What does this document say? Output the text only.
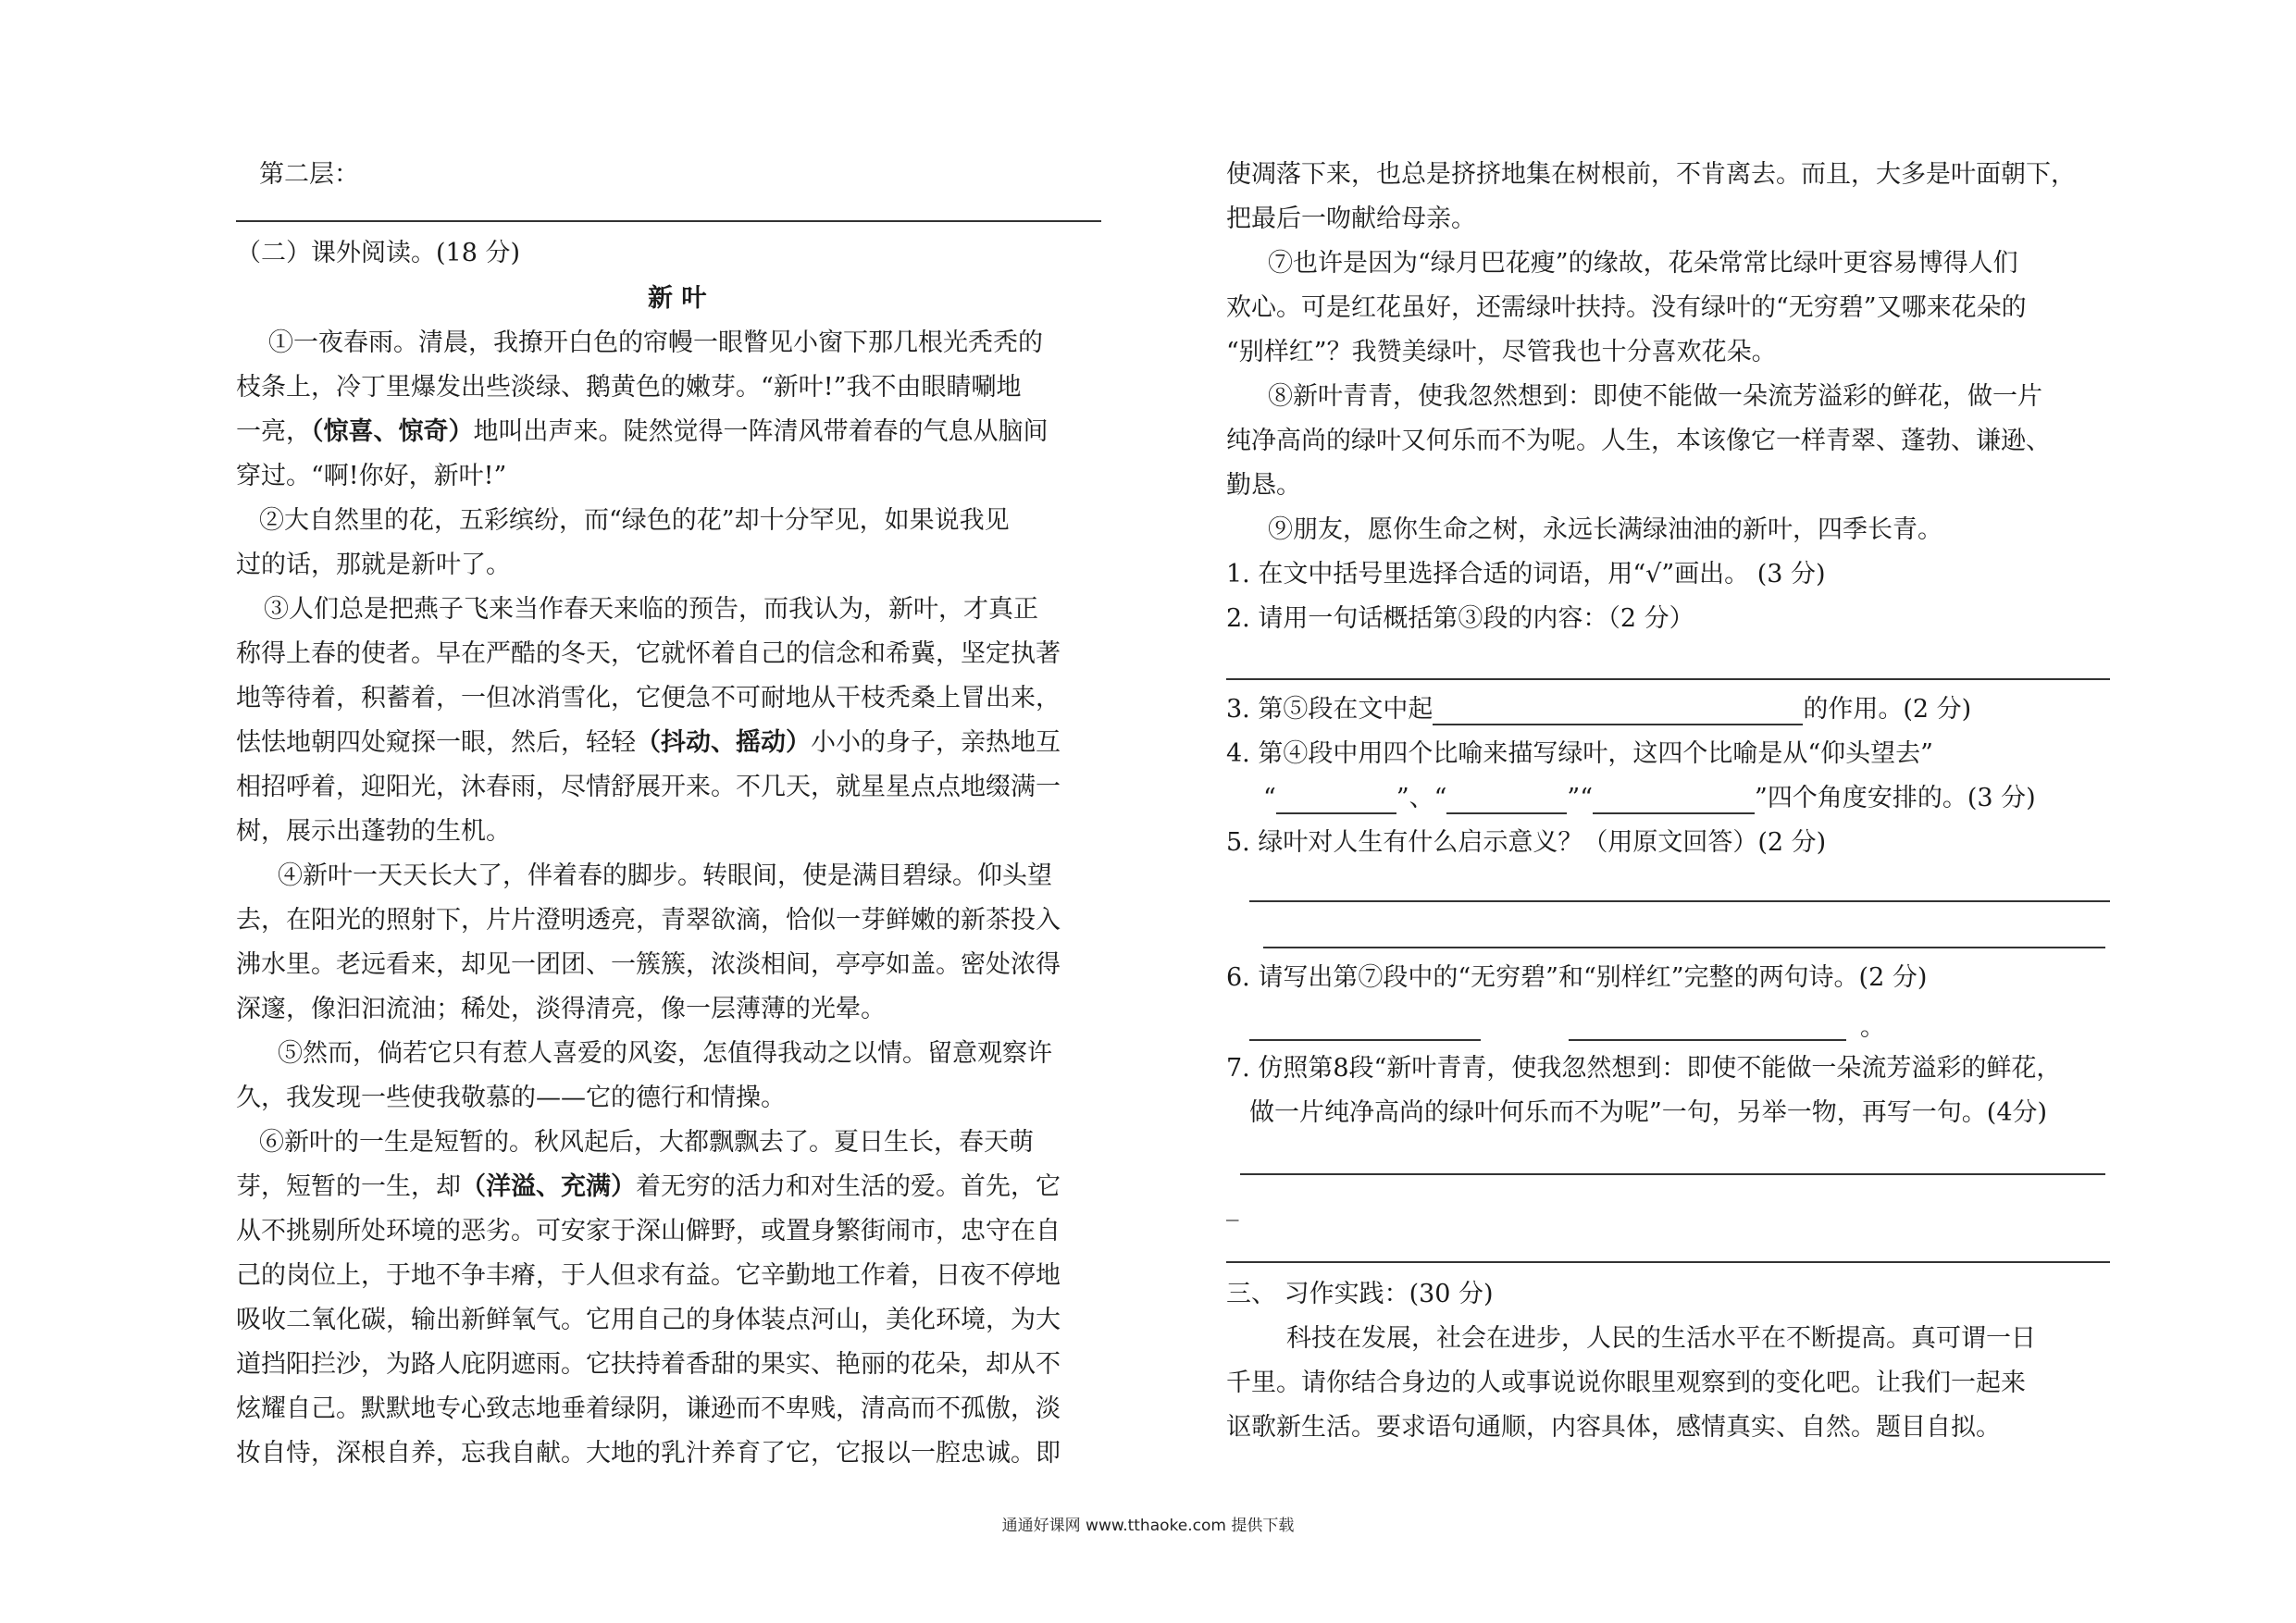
第二层：
（二）课外阅读。(18 分)
新 叶
①一夜春雨。清晨，我撩开白色的帘幔一眼瞥见小窗下那几根光秃秃的
枝条上，冷丁里爆发出些淡绿、鹅黄色的嫩芽。“新叶!”我不由眼睛唰地
一亮，（惊喜、惊奇）地叫出声来。陡然觉得一阵清风带着春的气息从脑间
穿过。“啊!你好，新叶!”
②大自然里的花，五彩缤纷，而“绿色的花”却十分罕见，如果说我见
过的话，那就是新叶了。
③人们总是把燕子飞来当作春天来临的预告，而我认为，新叶，才真正
称得上春的使者。早在严酷的冬天，它就怀着自己的信念和希冀，坚定执著
地等待着，积蓄着，一但冰消雪化，它便急不可耐地从干枝秃桑上冒出来，
怯怯地朝四处窥探一眼，然后，轻轻（抖动、摇动）小小的身子，亲热地互
相招呼着，迎阳光，沐春雨，尽情舒展开来。不几天，就星星点点地缀满一
树，展示出蓬勃的生机。
④新叶一天天长大了，伴着春的脚步。转眼间，使是满目碧绿。仰头望
去，在阳光的照射下，片片澄明透亮，青翠欲滴，恰似一芽鲜嫩的新茶投入
沸水里。老远看来，却见一团团、一簇簇，浓淡相间，亭亭如盖。密处浓得
深邃，像汩汩流油；稀处，淡得清亮，像一层薄薄的光晕。
⑤然而，倘若它只有惹人喜爱的风姿，怎值得我动之以情。留意观察许
久，我发现一些使我敬慕的——它的德行和情操。
⑥新叶的一生是短暂的。秋风起后，大都飘飘去了。夏日生长，春天萌
芽，短暂的一生，却（洋溢、充满）着无穷的活力和对生活的爱。首先，它
从不挑剔所处环境的恶劣。可安家于深山僻野，或置身繁街闹市，忠守在自
己的岗位上，于地不争丰瘠，于人但求有益。它辛勤地工作着，日夜不停地
吸收二氧化碳，输出新鲜氧气。它用自己的身体装点河山，美化环境，为大
道挡阳拦沙，为路人庇阴遮雨。它扶持着香甜的果实、艳丽的花朵，却从不
炫耀自己。默默地专心致志地垂着绿阴，谦逊而不卑贱，清高而不孤傲，淡
妆自恃，深根自养，忘我自献。大地的乳汁养育了它，它报以一腔忠诚。即
使凋落下来，也总是挤挤地集在树根前，不肯离去。而且，大多是叶面朝下，
把最后一吻献给母亲。
⑦也许是因为“绿月巴花瘦”的缘故，花朵常常比绿叶更容易博得人们
欢心。可是红花虽好，还需绿叶扶持。没有绿叶的“无穷碧”又哪来花朵的
“别样红”？我赞美绿叶，尽管我也十分喜欢花朵。
⑧新叶青青，使我忽然想到：即使不能做一朵流芳溢彩的鲜花，做一片
纯净高尚的绿叶又何乐而不为呢。人生，本该像它一样青翠、蓬勃、谦逊、
勤恳。
⑨朋友，愿你生命之树，永远长满绿油油的新叶，四季长青。
1. 在文中括号里选择合适的词语，用“√”画出。 (3 分)
2. 请用一句话概括第③段的内容：（2 分）
3. 第⑤段在文中起	的作用。(2 分)
4. 第④段中用四个比喻来描写绿叶，这四个比喻是从“仰头望去”
“	”、“	”“	”四个角度安排的。(3 分)
5. 绿叶对人生有什么启示意义？（用原文回答）(2 分)
6. 请写出第⑦段中的“无穷碧”和“别样红”完整的两句诗。(2 分)
。
7. 仿照第8段“新叶青青，使我忽然想到：即使不能做一朵流芳溢彩的鲜花，
做一片纯净高尚的绿叶何乐而不为呢”一句，另举一物，再写一句。(4分)
_
三、 习作实践：(30 分)
科技在发展，社会在进步，人民的生活水平在不断提高。真可谓一日
千里。请你结合身边的人或事说说你眼里观察到的变化吧。让我们一起来
讴歌新生活。要求语句通顺，内容具体，感情真实、自然。题目自拟。
通通好课网 www.tthaoke.com 提供下载
